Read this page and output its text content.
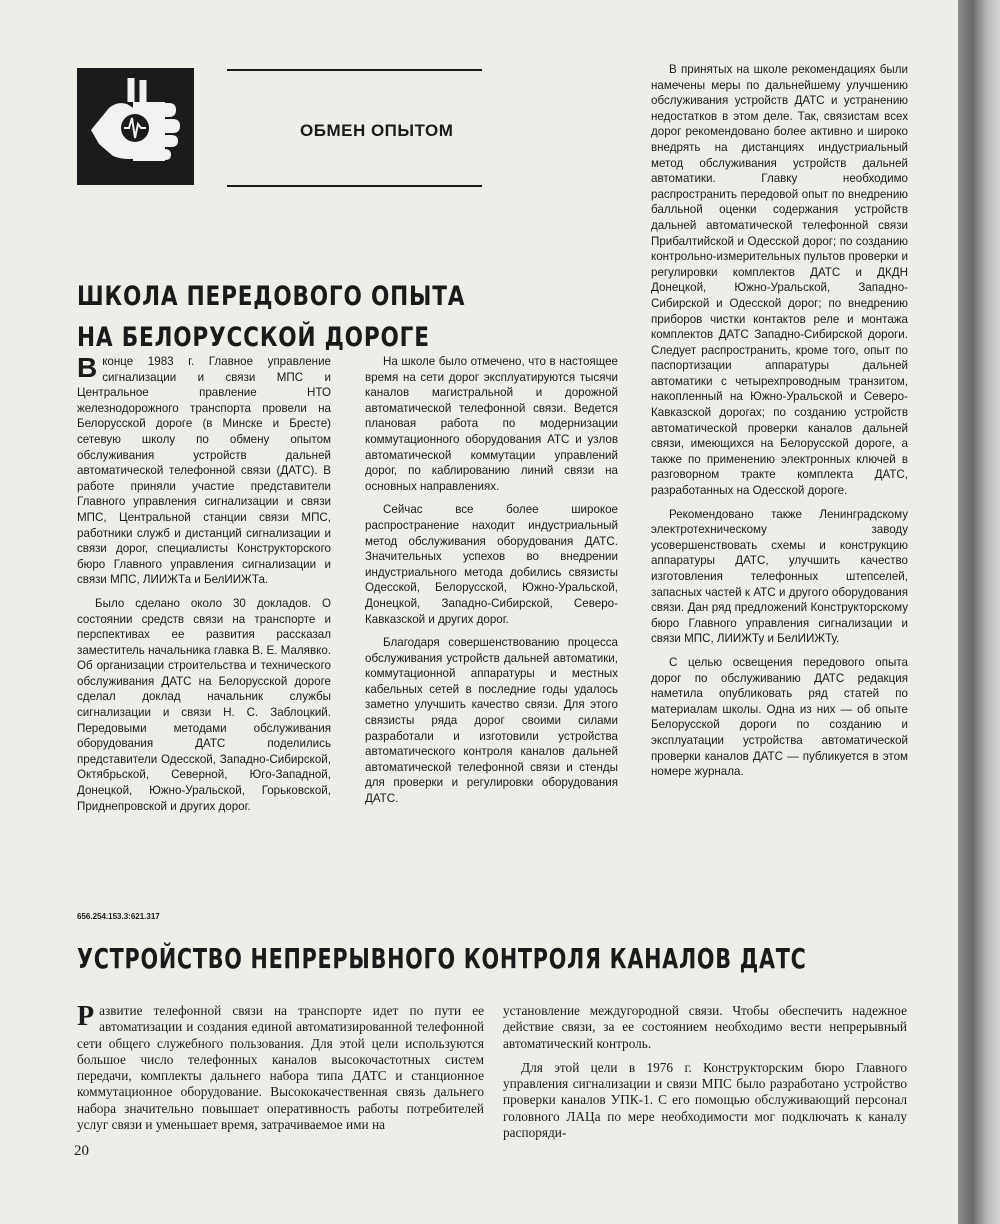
ОБМЕН ОПЫТОМ
ШКОЛА ПЕРЕДОВОГО ОПЫТА
НА БЕЛОРУССКОЙ ДОРОГЕ

Вконце 1983 г. Главное управление сигнализации и связи МПС и Центральное правление НТО железнодорожного транспорта провели на Белорусской дороге (в Минске и Бресте) сетевую школу по обмену опытом обслуживания устройств дальней автоматической телефонной связи (ДАТС). В работе приняли участие представители Главного управления сигнализации и связи МПС, Центральной станции связи МПС, работники служб и дистанций сигнализации и связи дорог, специалисты Конструкторского бюро Главного управления сигнализации и связи МПС, ЛИИЖТа и БелИИЖТа.

Было сделано около 30 докладов. О состоянии средств связи на транспорте и перспективах ее развития рассказал заместитель начальника главка В. Е. Малявко. Об организации строительства и технического обслуживания ДАТС на Белорусской дороге сделал доклад начальник службы сигнализации и связи Н. С. Заблоцкий. Передовыми методами обслуживания оборудования ДАТС поделились представители Одесской, Западно-Сибирской, Октябрьской, Северной, Юго-Западной, Донецкой, Южно-Уральской, Горьковской, Приднепровской и других дорог.

На школе было отмечено, что в настоящее время на сети дорог эксплуатируются тысячи каналов магистральной и дорожной автоматической телефонной связи. Ведется плановая работа по модернизации коммутационного оборудования АТС и узлов автоматической коммутации управлений дорог, по каблированию линий связи на основных направлениях.

Сейчас все более широкое распространение находит индустриальный метод обслуживания оборудования ДАТС. Значительных успехов во внедрении индустриального метода добились связисты Одесской, Белорусской, Южно-Уральской, Донецкой, Западно-Сибирской, Северо-Кавказской и других дорог.

Благодаря совершенствованию процесса обслуживания устройств дальней автоматики, коммутационной аппаратуры и местных кабельных сетей в последние годы удалось заметно улучшить качество связи. Для этого связисты ряда дорог своими силами разработали и изготовили устройства автоматического контроля каналов дальней автоматической телефонной связи и стенды для проверки и регулировки оборудования ДАТС.

В принятых на школе рекомендациях были намечены меры по дальнейшему улучшению обслуживания устройств ДАТС и устранению недостатков в этом деле. Так, связистам всех дорог рекомендовано более активно и широко внедрять на дистанциях индустриальный метод обслуживания устройств дальней автоматики. Главку необходимо распространить передовой опыт по внедрению балльной оценки содержания устройств дальней автоматической телефонной связи Прибалтийской и Одесской дорог; по созданию контрольно-измерительных пультов проверки и регулировки комплектов ДАТС и ДКДН Донецкой, Южно-Уральской, Западно-Сибирской и Одесской дорог; по внедрению приборов чистки контактов реле и монтажа комплектов ДАТС Западно-Сибирской дороги. Следует распространить, кроме того, опыт по паспортизации аппаратуры дальней автоматики с четырехпроводным транзитом, накопленный на Южно-Уральской и Северо-Кавказской дорогах; по созданию устройств автоматической проверки каналов дальней связи, имеющихся на Белорусской дороге, а также по применению электронных ключей в разговорном тракте комплекта ДАТС, разработанных на Одесской дороге.

Рекомендовано также Ленинградскому электротехническому заводу усовершенствовать схемы и конструкцию аппаратуры ДАТС, улучшить качество изготовления телефонных штепселей, запасных частей к АТС и другого оборудования связи. Дан ряд предложений Конструкторскому бюро Главного управления сигнализации и связи МПС, ЛИИЖТу и БелИИЖТу.

С целью освещения передового опыта дорог по обслуживанию ДАТС редакция наметила опубликовать ряд статей по материалам школы. Одна из них — об опыте Белорусской дороги по созданию и эксплуатации устройства автоматической проверки каналов ДАТС — публикуется в этом номере журнала.

656.254.153.3:621.317
УСТРОЙСТВО НЕПРЕРЫВНОГО КОНТРОЛЯ КАНАЛОВ ДАТС

Развитие телефонной связи на транспорте идет по пути ее автоматизации и создания единой автоматизированной телефонной сети общего служебного пользования. Для этой цели используются большое число телефонных каналов высокочастотных систем передачи, комплекты дальнего набора типа ДАТС и станционное коммутационное оборудование. Высококачественная связь дальнего набора значительно повышает оперативность работы потребителей услуг связи и уменьшает время, затрачиваемое ими на

установление междугородной связи. Чтобы обеспечить надежное действие связи, за ее состоянием необходимо вести непрерывный автоматический контроль.

Для этой цели в 1976 г. Конструкторским бюро Главного управления сигнализации и связи МПС было разработано устройство проверки каналов УПК-1. С его помощью обслуживающий персонал головного ЛАЦа по мере необходимости мог подключать к каналу распоряди-

20
